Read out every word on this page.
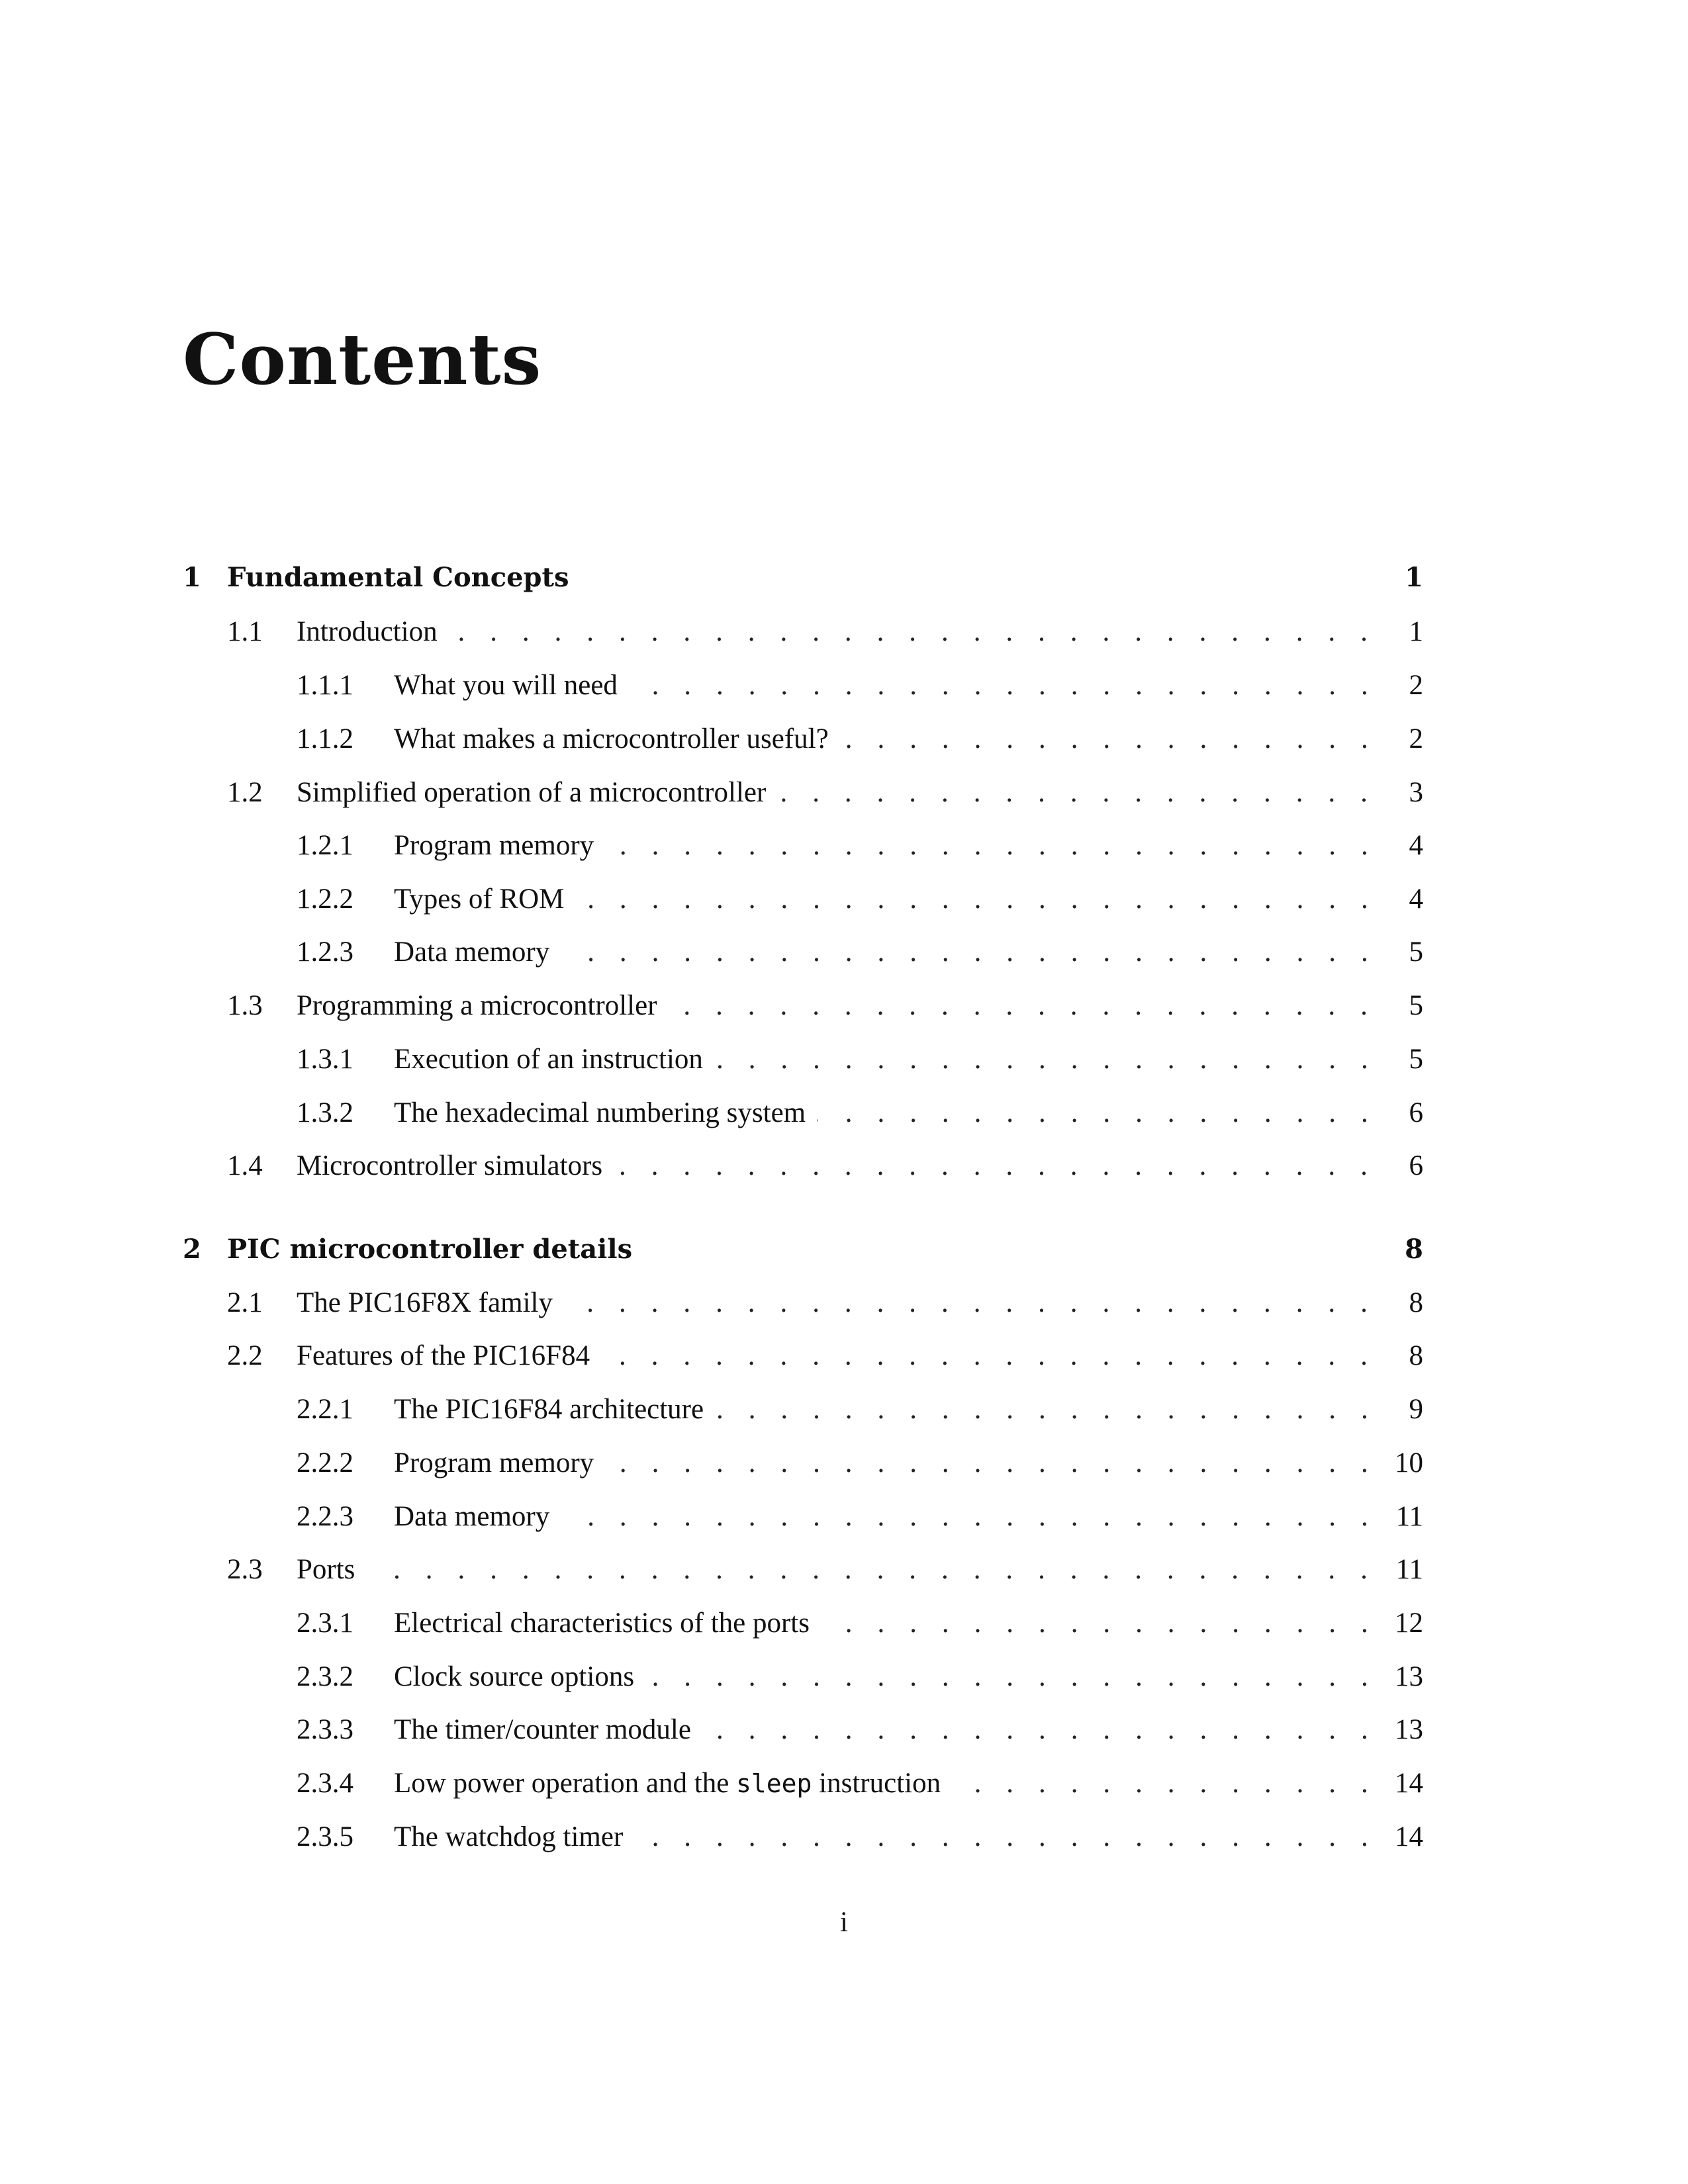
Contents
1 Fundamental Concepts	1
1.1 . . . Introduction	1
1.1.1 . . . What you will need	2
1.1.2 . . . What makes a microcontroller useful?	2
1.2 . . . Simplified operation of a microcontroller	3
1.2.1 . . . Program memory	4
1.2.2 . . . Types of ROM	4
1.2.3 . . . Data memory	5
1.3 . . . Programming a microcontroller	5
1.3.1 . . . Execution of an instruction	5
1.3.2 . . . The hexadecimal numbering system	6
1.4 . . . Microcontroller simulators	6
2 PIC microcontroller details	8
2.1 . . . The PIC16F8X family	8
2.2 . . . Features of the PIC16F84	8
2.2.1 . . . The PIC16F84 architecture	9
2.2.2 . . . Program memory	10
2.2.3 . . . Data memory	11
2.3 . . . Ports	11
2.3.1 . . . Electrical characteristics of the ports	12
2.3.2 . . . Clock source options	13
2.3.3 . . . The timer/counter module	13
2.3.4 . . . Low power operation and the sleep instruction	14
2.3.5 . . . The watchdog timer	14
i
